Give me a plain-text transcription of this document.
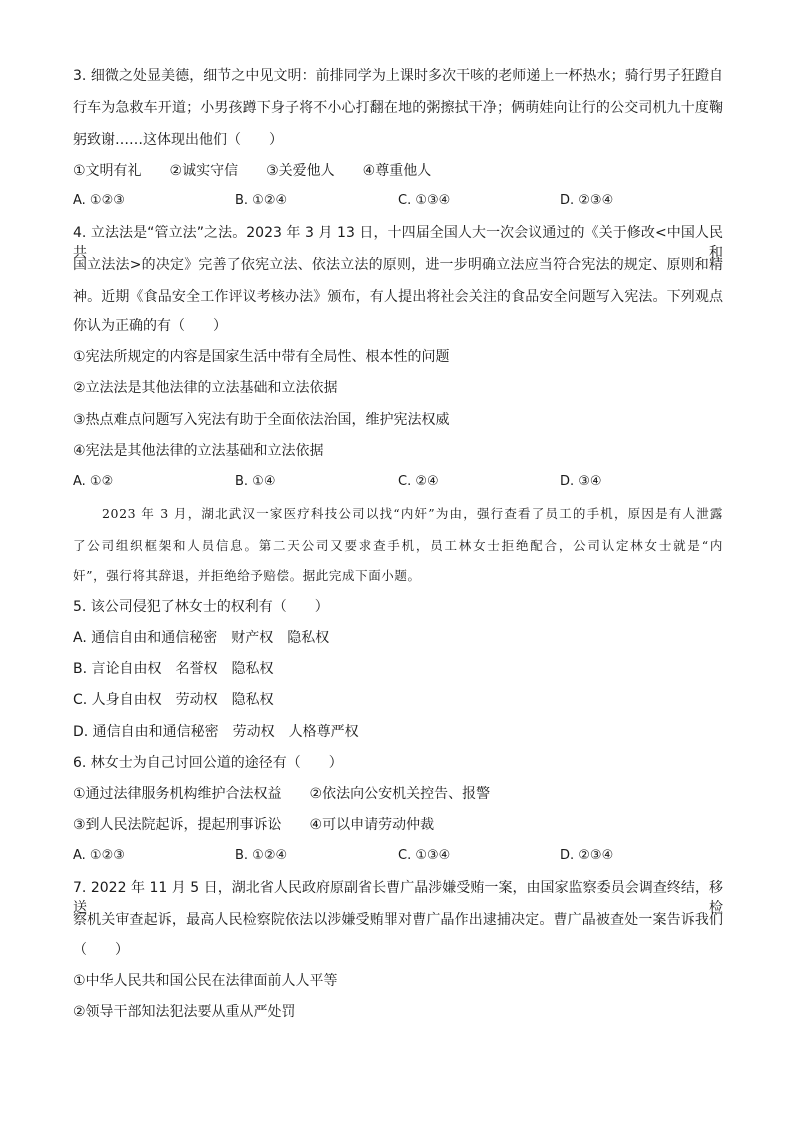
3. 细微之处显美德，细节之中见文明：前排同学为上课时多次干咳的老师递上一杯热水；骑行男子狂蹬自
行车为急救车开道；小男孩蹲下身子将不小心打翻在地的粥擦拭干净；俩萌娃向让行的公交司机九十度鞠
躬致谢……这体现出他们（　　）
①文明有礼　　②诚实守信　　③关爱他人　　④尊重他人
A. ①②③	B. ①②④	C. ①③④	D. ②③④
4. 立法法是“管立法”之法。2023 年 3 月 13 日，十四届全国人大一次会议通过的《关于修改<中国人民共和
国立法法>的决定》完善了依宪立法、依法立法的原则，进一步明确立法应当符合宪法的规定、原则和精
神。近期《食品安全工作评议考核办法》颁布，有人提出将社会关注的食品安全问题写入宪法。下列观点
你认为正确的有（　　）
①宪法所规定的内容是国家生活中带有全局性、根本性的问题
②立法法是其他法律的立法基础和立法依据
③热点难点问题写入宪法有助于全面依法治国，维护宪法权威
④宪法是其他法律的立法基础和立法依据
A. ①②	B. ①④	C. ②④	D. ③④
2023 年 3 月，湖北武汉一家医疗科技公司以找“内奸”为由，强行查看了员工的手机，原因是有人泄露
了公司组织框架和人员信息。第二天公司又要求查手机，员工林女士拒绝配合，公司认定林女士就是“内
奸”，强行将其辞退，并拒绝给予赔偿。据此完成下面小题。
5. 该公司侵犯了林女士的权利有（　　）
A. 通信自由和通信秘密　财产权　隐私权
B. 言论自由权　名誉权　隐私权
C. 人身自由权　劳动权　隐私权
D. 通信自由和通信秘密　劳动权　人格尊严权
6. 林女士为自己讨回公道的途径有（　　）
①通过法律服务机构维护合法权益　　②依法向公安机关控告、报警
③到人民法院起诉，提起刑事诉讼　　④可以申请劳动仲裁
A. ①②③	B. ①②④	C. ①③④	D. ②③④
7. 2022 年 11 月 5 日，湖北省人民政府原副省长曹广晶涉嫌受贿一案，由国家监察委员会调查终结，移送检
察机关审查起诉，最高人民检察院依法以涉嫌受贿罪对曹广晶作出逮捕决定。曹广晶被查处一案告诉我们
（　　）
①中华人民共和国公民在法律面前人人平等
②领导干部知法犯法要从重从严处罚
